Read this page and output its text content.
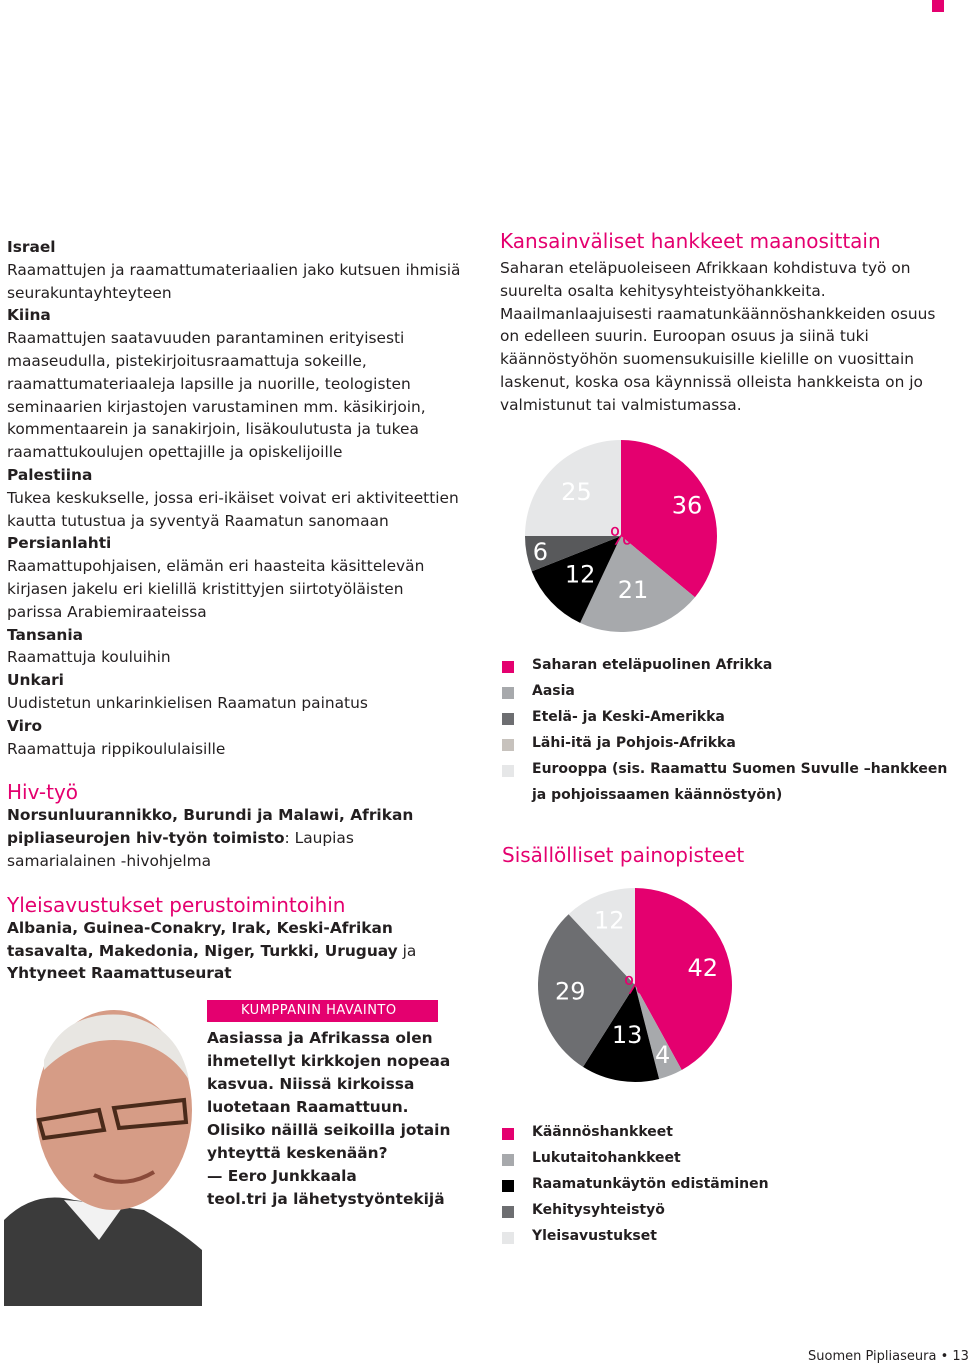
Israel

Raamattujen ja raamattumateriaalien jako kutsuen ihmisiä seurakuntayhteyteen

Kiina

Raamattujen saatavuuden parantaminen erityisesti maaseudulla, pistekirjoitusraamattuja sokeille, raamattumateriaaleja lapsille ja nuorille, teologisten seminaarien kirjastojen varustaminen mm. käsikirjoin, kommentaarein ja sanakirjoin, lisäkoulutusta ja tukea raamattukoulujen opettajille ja opiskelijoille

Palestiina

Tukea keskukselle, jossa eri-ikäiset voivat eri aktiviteettien kautta tutustua ja syventyä Raamatun sanomaan

Persianlahti

Raamattupohjaisen, elämän eri haasteita käsittelevän kirjasen jakelu eri kielillä kristittyjen siirtotyöläisten parissa Arabiemiraateissa

Tansania

Raamattuja kouluihin

Unkari

Uudistetun unkarinkielisen Raamatun painatus

Viro

Raamattuja rippikoululaisille

Hiv-työ

Norsunluurannikko, Burundi ja Malawi, Afrikan pipliaseurojen hiv-työn toimisto: Laupias samarialainen -hivohjelma

Yleisavustukset perustoimintoihin

Albania, Guinea-Conakry, Irak, Keski-Afrikan tasavalta, Makedonia, Niger, Turkki, Uruguay ja Yhtyneet Raamattuseurat

KUMPPANIN HAVAINTO
Aasiassa ja Afrikassa olen ihmetellyt kirkkojen nopeaa kasvua. Niissä kirkoissa luotetaan Raamattuun. Olisiko näillä seikoilla jotain yhteyttä keskenään?
— Eero Junkkaala
teol.tri ja lähetystyöntekijä
Kansainväliset hankkeet maanosittain
Saharan eteläpuoleiseen Afrikkaan kohdistuva työ on suurelta osalta kehitysyhteistyöhankkeita. Maailmanlaajuisesti raamatunkäännöshankkeiden osuus on edelleen suurin. Euroopan osuus ja siinä tuki käännöstyöhön suomensukuisille kielille on vuosittain laskenut, koska osa käynnissä olleista hankkeista on jo valmistunut tai valmistumassa.
36
21
12
6
25
%
Saharan eteläpuolinen Afrikka
Aasia
Etelä- ja Keski-Amerikka
Lähi-itä ja Pohjois-Afrikka
Eurooppa (sis. Raamattu Suomen Suvulle –hankkeen
ja pohjoissaamen käännöstyön)
Sisällölliset painopisteet
42
4
13
29
12
%
Käännöshankkeet
Lukutaitohankkeet
Raamatunkäytön edistäminen
Kehitysyhteistyö
Yleisavustukset
Suomen Pipliaseura • 13
